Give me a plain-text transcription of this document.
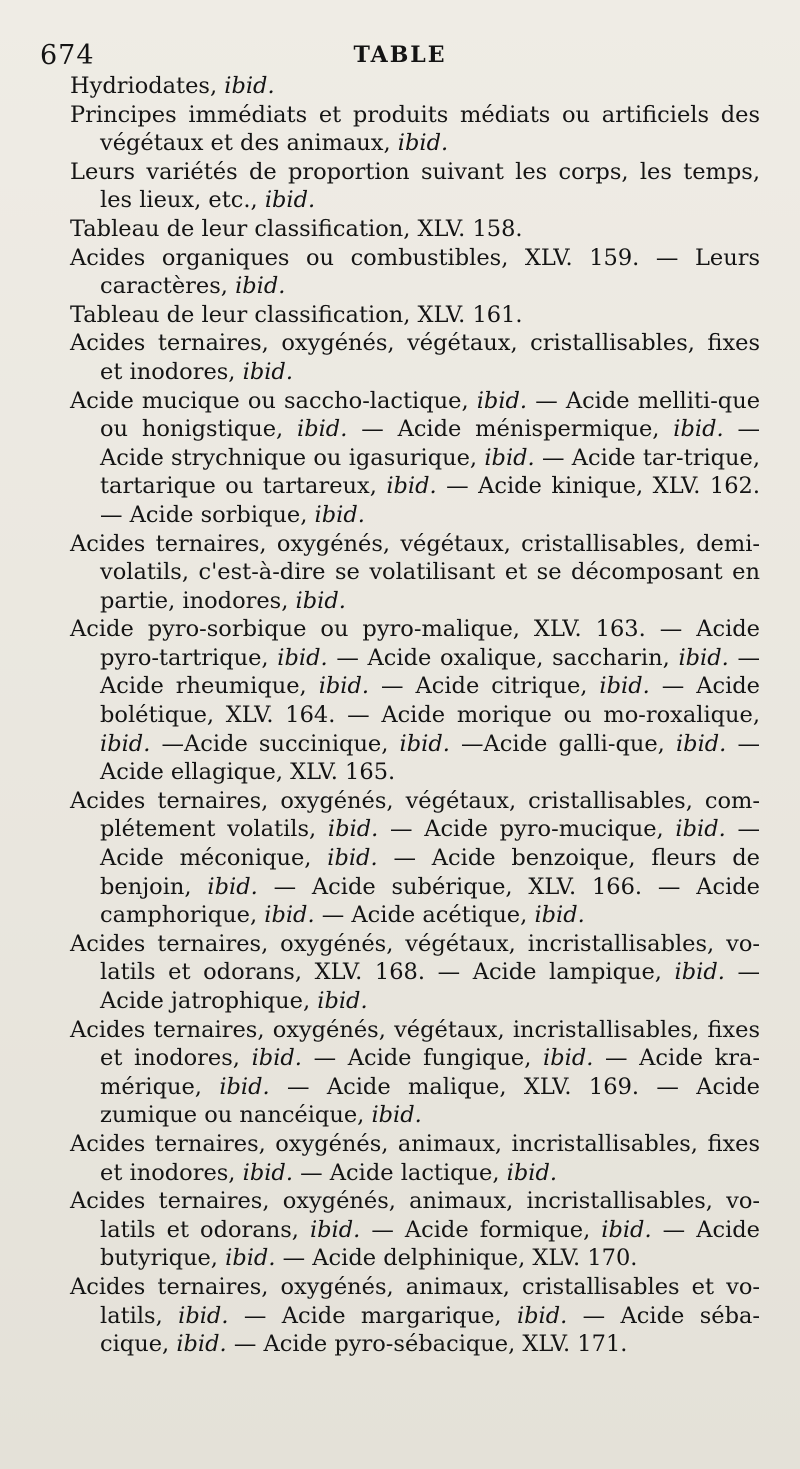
674	TABLE

Hydriodates, ibid.

Principes immédiats et produits médiats ou artificiels des végétaux et des animaux, ibid.

Leurs variétés de proportion suivant les corps, les temps, les lieux, etc., ibid.

Tableau de leur classification, XLV. 158.

Acides organiques ou combustibles, XLV. 159. — Leurs caractères, ibid.

Tableau de leur classification, XLV. 161.

Acides ternaires, oxygénés, végétaux, cristallisables, fixes et inodores, ibid.

Acide mucique ou saccho-lactique, ibid. — Acide melliti-que ou honigstique, ibid. — Acide ménispermique, ibid. — Acide strychnique ou igasurique, ibid. — Acide tar-trique, tartarique ou tartareux, ibid. — Acide kinique, XLV. 162. — Acide sorbique, ibid.

Acides ternaires, oxygénés, végétaux, cristallisables, demi-volatils, c'est-à-dire se volatilisant et se décomposant en partie, inodores, ibid.

Acide pyro-sorbique ou pyro-malique, XLV. 163. — Acide pyro-tartrique, ibid. — Acide oxalique, saccharin, ibid. — Acide rheumique, ibid. — Acide citrique, ibid. — Acide bolétique, XLV. 164. — Acide morique ou mo-roxalique, ibid. —Acide succinique, ibid. —Acide galli-que, ibid. — Acide ellagique, XLV. 165.

Acides ternaires, oxygénés, végétaux, cristallisables, com-plétement volatils, ibid. — Acide pyro-mucique, ibid. — Acide méconique, ibid. — Acide benzoique, fleurs de benjoin, ibid. — Acide subérique, XLV. 166. — Acide camphorique, ibid. — Acide acétique, ibid.

Acides ternaires, oxygénés, végétaux, incristallisables, vo-latils et odorans, XLV. 168. — Acide lampique, ibid. — Acide jatrophique, ibid.

Acides ternaires, oxygénés, végétaux, incristallisables, fixes et inodores, ibid. — Acide fungique, ibid. — Acide kra-mérique, ibid. — Acide malique, XLV. 169. — Acide zumique ou nancéique, ibid.

Acides ternaires, oxygénés, animaux, incristallisables, fixes et inodores, ibid. — Acide lactique, ibid.

Acides ternaires, oxygénés, animaux, incristallisables, vo-latils et odorans, ibid. — Acide formique, ibid. — Acide butyrique, ibid. — Acide delphinique, XLV. 170.

Acides ternaires, oxygénés, animaux, cristallisables et vo-latils, ibid. — Acide margarique, ibid. — Acide séba-cique, ibid. — Acide pyro-sébacique, XLV. 171.
